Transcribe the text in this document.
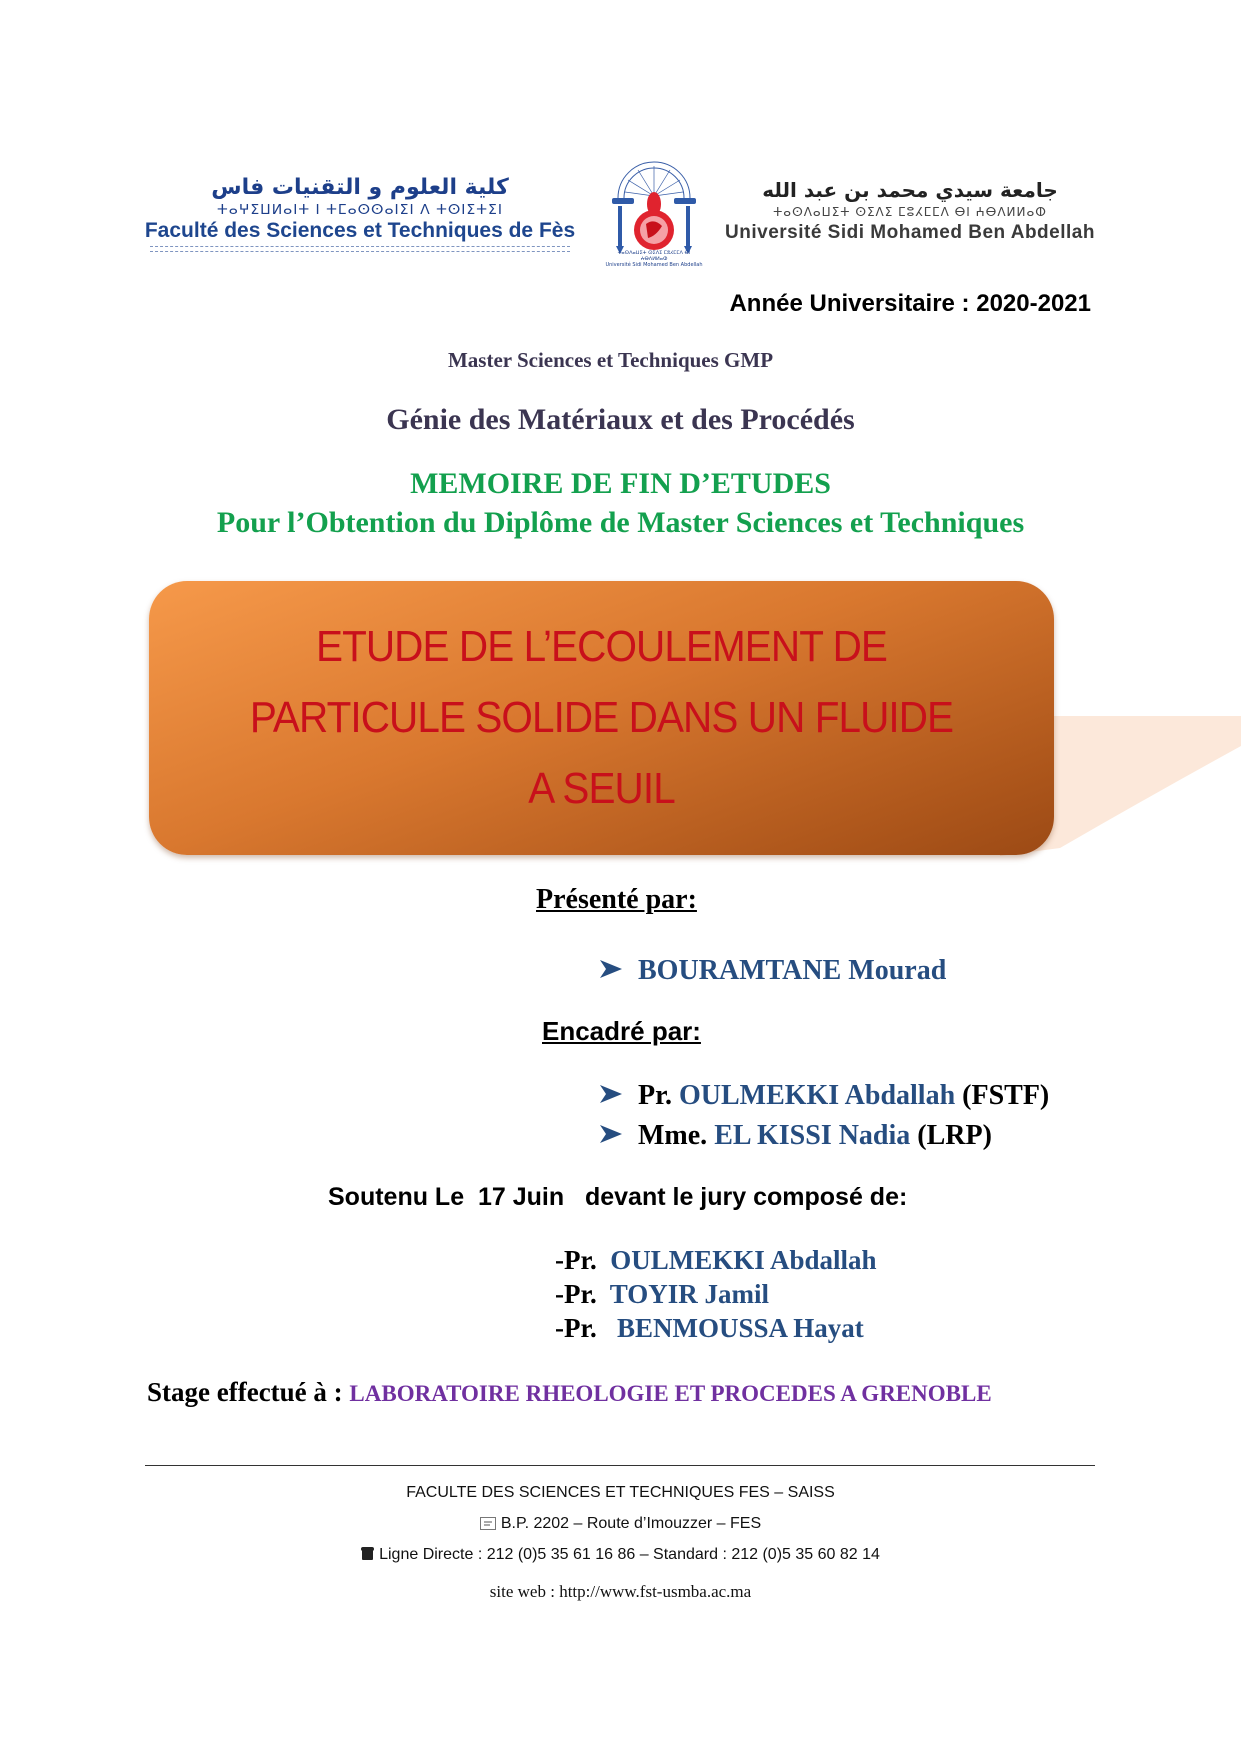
كلية العلوم و التقنيات فاس
ⵜⴰⵖⵉⵡⵍⴰⵏⵜ ⵏ ⵜⵎⴰⵙⵙⴰⵏⵉⵏ ⴷ ⵜⵙⵏⵉⵜⵉⵏ
Faculté des Sciences et Techniques de Fès
ⵜⴰⵙⴷⴰⵡⵉⵜ ⵙⵉⴷⵉ ⵎⵓⵃⵎⵎⴷ ⴱⵏ ⵄⴱⴷⵍⵍⴰⵀ
Université Sidi Mohamed Ben Abdellah
جامعة سيدي محمد بن عبد الله
ⵜⴰⵙⴷⴰⵡⵉⵜ ⵙⵉⴷⵉ ⵎⵓⵃⵎⵎⴷ ⴱⵏ ⵄⴱⴷⵍⵍⴰⵀ
Université Sidi Mohamed Ben Abdellah
Année Universitaire : 2020-2021
Master Sciences et Techniques GMP
Génie des Matériaux et des Procédés
MEMOIRE DE FIN D’ETUDES
Pour l’Obtention du Diplôme de Master Sciences et Techniques
ETUDE DE L’ECOULEMENT DE
PARTICULE SOLIDE DANS UN FLUIDE
A SEUIL
Présenté par:
BOURAMTANE Mourad
Encadré par:
Pr. OULMEKKI Abdallah (FSTF)
Mme. EL KISSI Nadia (LRP)
Soutenu Le  17 Juin   devant le jury composé de:
-Pr.  OULMEKKI Abdallah
-Pr.  TOYIR Jamil
-Pr.   BENMOUSSA Hayat
Stage effectué à : LABORATOIRE RHEOLOGIE ET PROCEDES A GRENOBLE
FACULTE DES SCIENCES ET TECHNIQUES FES – SAISS
B.P. 2202 – Route d’Imouzzer – FES
Ligne Directe : 212 (0)5 35 61 16 86 – Standard : 212 (0)5 35 60 82 14
site web : http://www.fst-usmba.ac.ma
